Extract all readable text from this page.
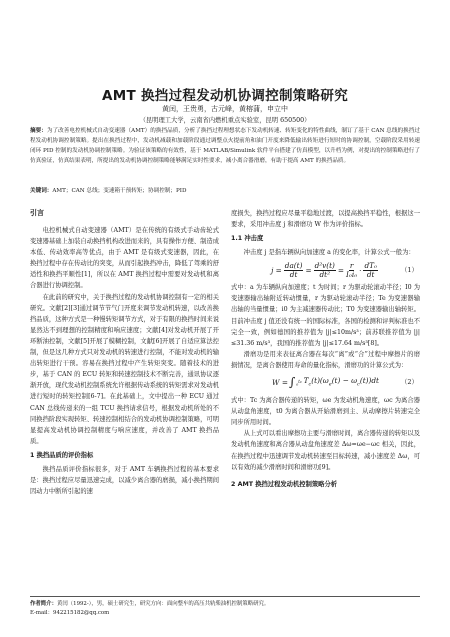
AMT 换挡过程发动机协调控制策略研究
黄闰，王贵勇，古元峰，黄榕蒲，申立中
（昆明理工大学，云南省内燃机重点实验室，昆明 650500）

摘要：为了改善电控机械式自动变速器（AMT）的换挡品质，分析了换挡过程理想状态下发动机转速、转矩变化的特性曲线，制订了基于 CAN 总线的换挡过程发动机协调控制策略。提出在换挡过程中，发动机减载和加载阶段通过调整点火提前角和油门开度来降低输出转矩进行短时的协调控制，空载阶段采用转速闭环 PID 控制的发动机协调控制策略。为验证该策略的有效性，基于 MATLAB/Simulink 软件平台搭建了仿真模型，以升档为例，对提出的控制策略进行了仿真验证，仿真结果表明，所提出的发动机协调控制策略能够满足实时性要求，减小离合器滑磨，有助于提高 AMT 的换挡品质。

关键词：AMT；CAN 总线；变速箱干预转矩；协调控制；PID

引言

电控机械式自动变速器（AMT）是在传统的有级式手动齿轮式变速器基础上加装自动换挡机构改进而来的，具有操作方便、制造成本低、传动效率高等优点，由于 AMT 是有级式变速器，因此，在换挡过程中存在传动比的突变，从而引起换挡冲击，降低了驾乘的舒适性和换挡平顺性[1]，所以在 AMT 换挡过程中需要对发动机和离合器进行协调控制。

在此前的研究中，关于换挡过程的发动机协调控制有一定的相关研究。文献[2][3]通过调节节气门开度来调节发动机转速，以改善换挡品质，这种方式是一种慢转矩调节方式，对于有限的换挡时间来说显然达不到理想的控制精度和响应速度；文献[4]对发动机开展了开环断油控制，文献[5]开展了模糊控制，文献[6]开展了自适应算法控制，但是这几种方式只对发动机的转速进行控制，不能对发动机的输出转矩进行干预。容易在换挡过程中产生转矩突变。随着技术的进步，基于 CAN 的 ECU 转矩和转速控制技术不断完善，通讯协议逐渐开放，现代发动机控制系统允许根据传动系统的转矩需求对发动机进行短时的转矩控制[6-7]。在此基础上，文中提出一种 ECU 通过 CAN 总线传递来的一组 TCU 换挡请求信号，根据发动机所处的不同换挡阶段实现转矩、转速控制相结合的发动机协调控制策略，可明显提高发动机协调控制精度与响应速度，并改善了 AMT 换挡品质。

1 换挡品质的评价指标

换挡品质评价指标很多，对于 AMT 车辆换挡过程的基本要求是：换挡过程应尽量迅速完成，以减少离合器的磨损，减小换挡期间因动力中断所引起的速

度损失，换挡过程应尽量平稳地过渡，以提高换挡平稳性，根据这一要求，采用冲击度 j 和滑磨功 W 作为评价指标。

1.1 冲击度

冲击度 j 是指车辆纵向加速度 a 的变化率，计算公式一般为：

$j = \frac{da(t)}{dt} = \frac{\text{d²v(t)}}{\text{dt²}} = \frac{r}{\text{I₀i₀}} \cdot \frac{\text{dT₀}}{dt}$	（1）

式中：a 为车辆纵向加速度；t 为时间；r 为驱动轮滚动半径；I0 为变速器输出轴附近转动惯量，r 为驱动轮滚动半径；Te 为变速器输出轴的当量惯量；i0 为主减速器传动比；T0 为变速器输出轴转矩。目前冲击度 j 值还没有统一的国际标准，各国的检测和评判标准也不完全一致，例如德国的推荐值为 |j|≤10m/s³；前苏联推荐值为 |j|≤31.36 m/s³，我国的推荐值为 |j|≤17.64 m/s³[8]。

滑磨功是用来表征离合器在每次“离”或“合”过程中摩擦片的磨损情况，是离合器使用寿命的量化指标，滑磨功的计算公式为：

W = ∫ ₀$^{t_0}$ $T_c(t)(\omega_e(t) - \omega_c(t))dt$	（2）

式中：Tc 为离合器传递的转矩，ωe 为发动机角速度，ωc 为离合器从动盘角速度，t0 为离合器从开始滑磨到主、从动摩擦片转速完全同步所用时间。

从上式可以看出摩擦功主要与滑磨时间，离合器传递的转矩以及发动机角速度和离合器从动盘角速度差 Δω=ωe−ωc 相关，因此，在换挡过程中迅速调节发动机转速至目标转速，减小速度差 Δω，可以有效的减少滑磨时间和滑磨功[9]。

2 AMT 换挡过程发动机控制策略分析
作者简介：黄闰（1992-），男，硕士研究生，研究方向：面向整车的高压共轨柴油机控制策略研究。
E-mail：942215182@qq.com
